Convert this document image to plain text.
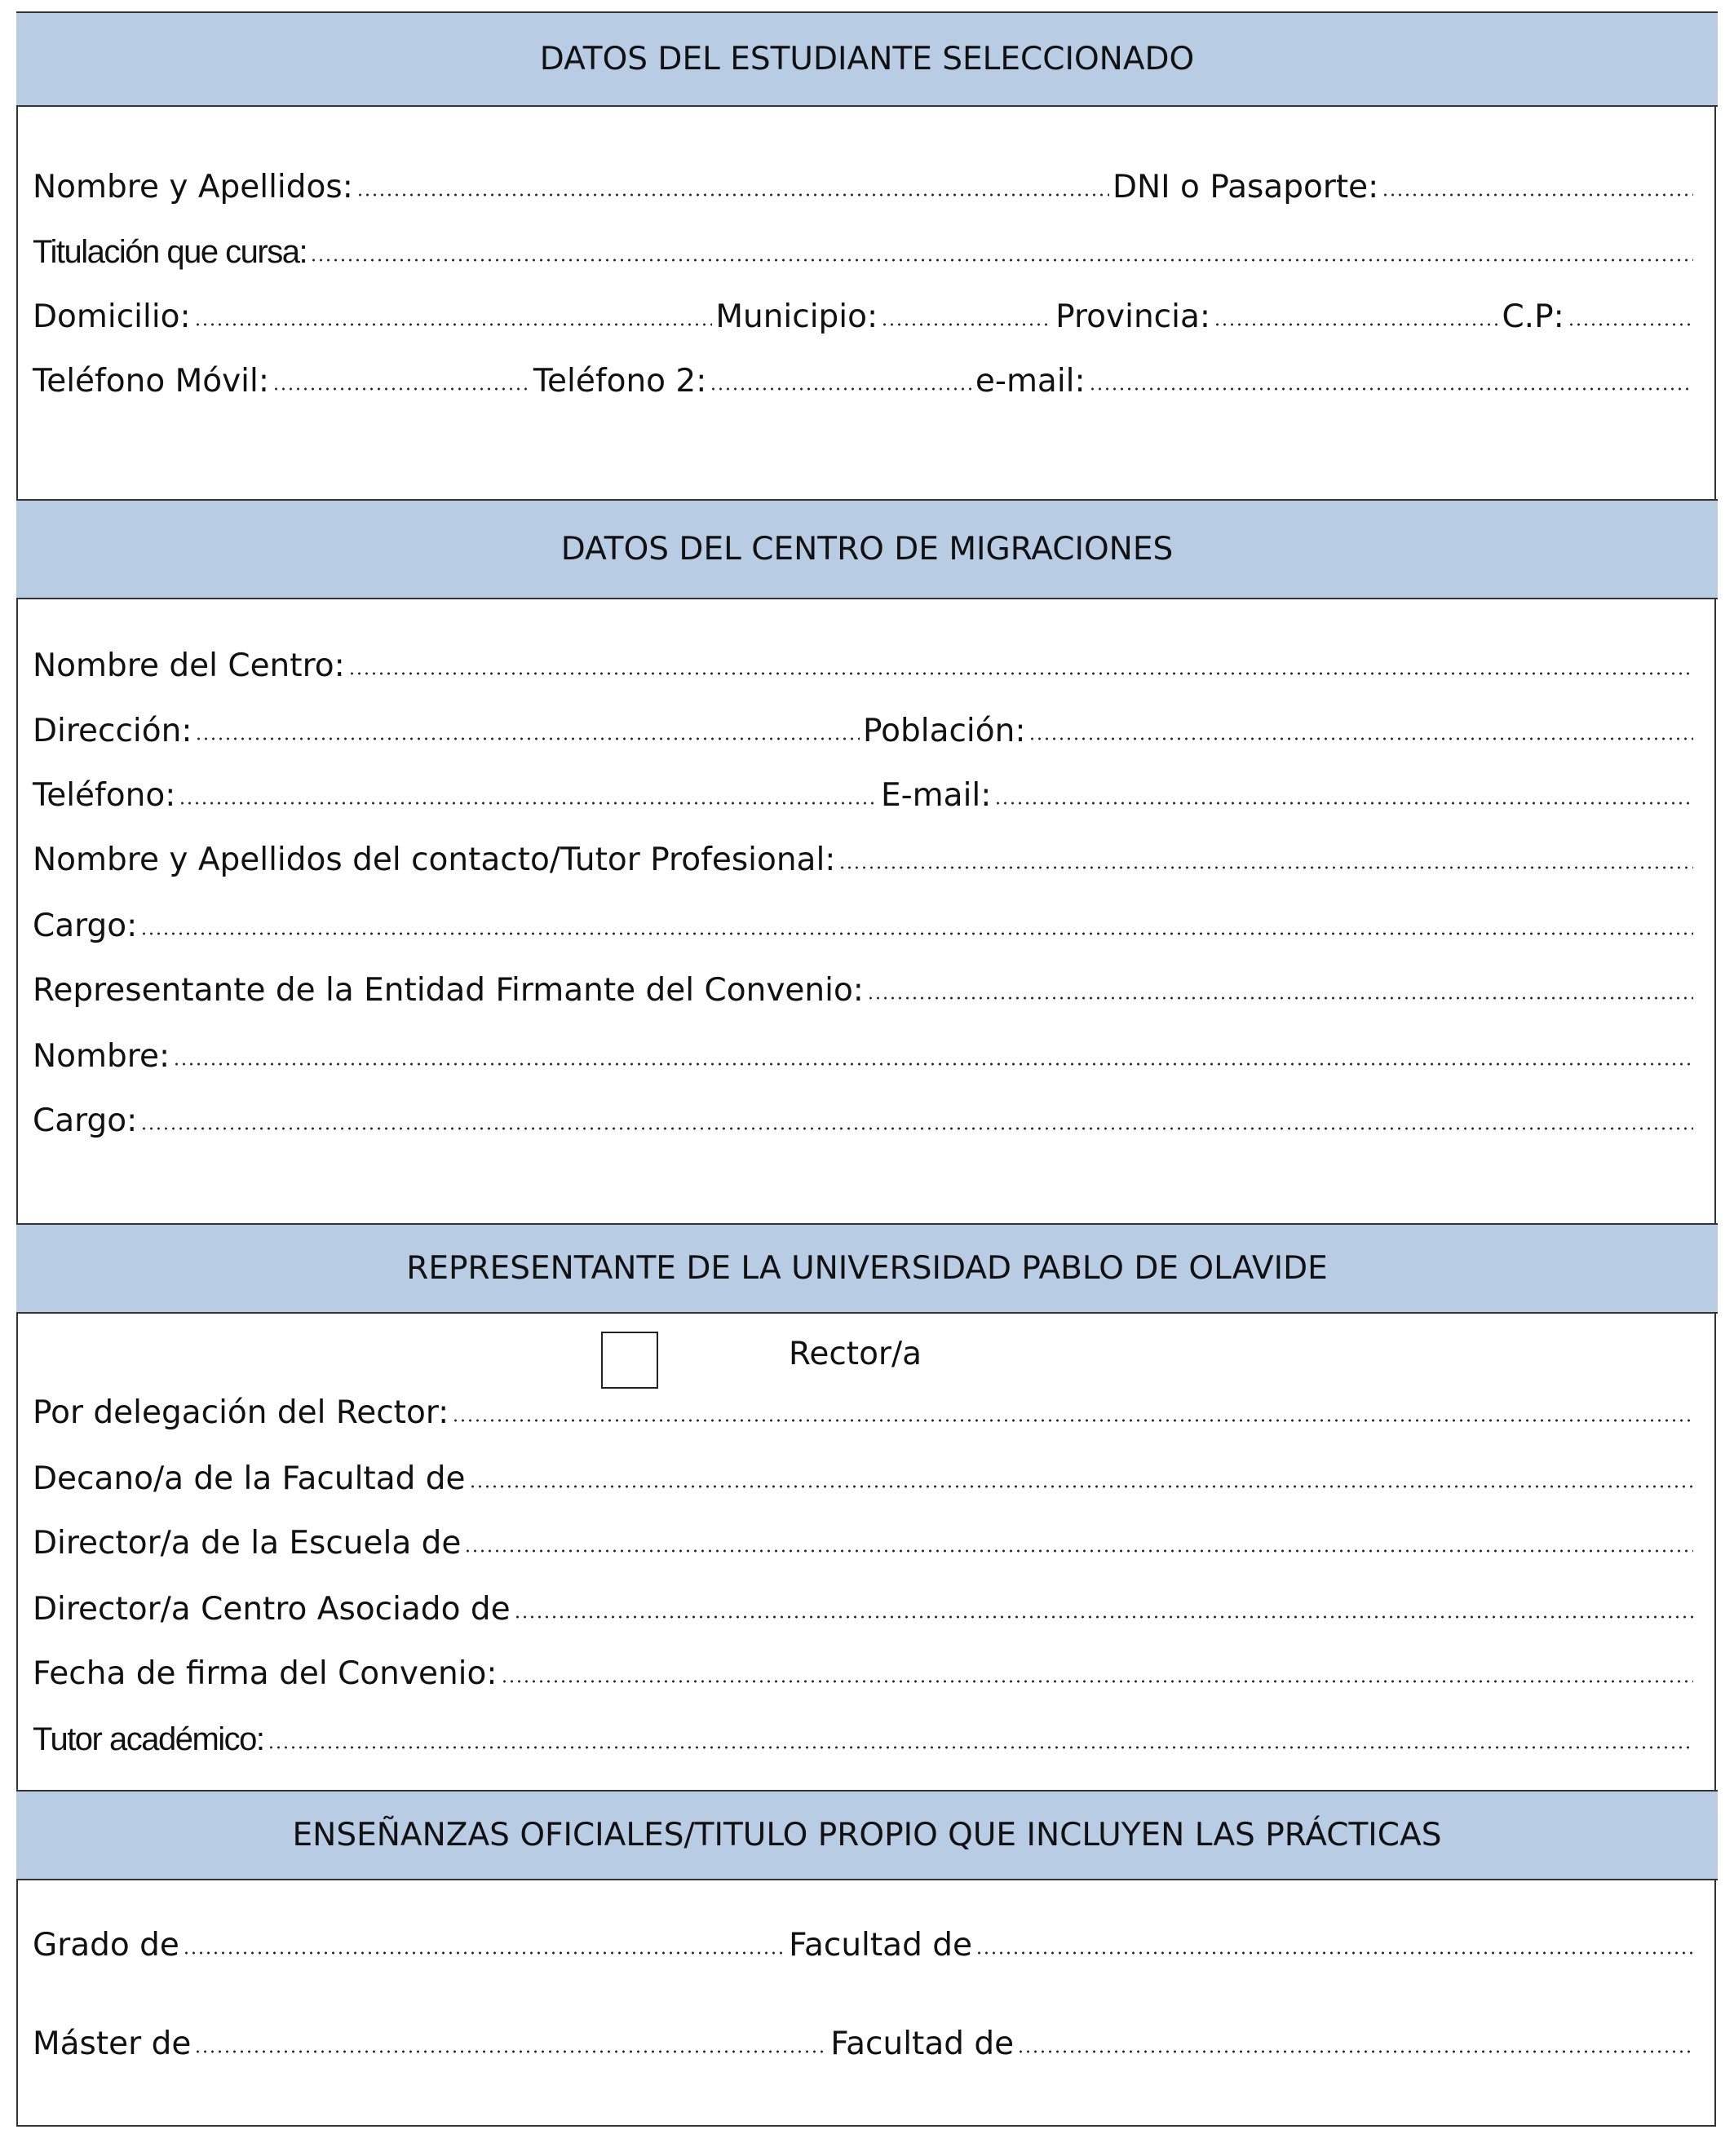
DATOS DEL ESTUDIANTE SELECCIONADO
Nombre y Apellidos:	DNI o Pasaporte:
Titulación que cursa:
Domicilio:	Municipio:	Provincia:	C.P:
Teléfono Móvil:	Teléfono 2:	e-mail:
DATOS DEL CENTRO DE MIGRACIONES
Nombre del Centro:
Dirección:	Población:
Teléfono:	E-mail:
Nombre y Apellidos del contacto/Tutor Profesional:
Cargo:
Representante de la Entidad Firmante del Convenio:
Nombre:
Cargo:
REPRESENTANTE DE LA UNIVERSIDAD PABLO DE OLAVIDE
Por delegación del Rector:
Decano/a de la Facultad de
Director/a de la Escuela de
Director/a Centro Asociado de
Fecha de firma del Convenio:
Tutor académico:
ENSEÑANZAS OFICIALES/TITULO PROPIO QUE INCLUYEN LAS PRÁCTICAS
Grado de	Facultad de
Máster de	Facultad de
Rector/a
